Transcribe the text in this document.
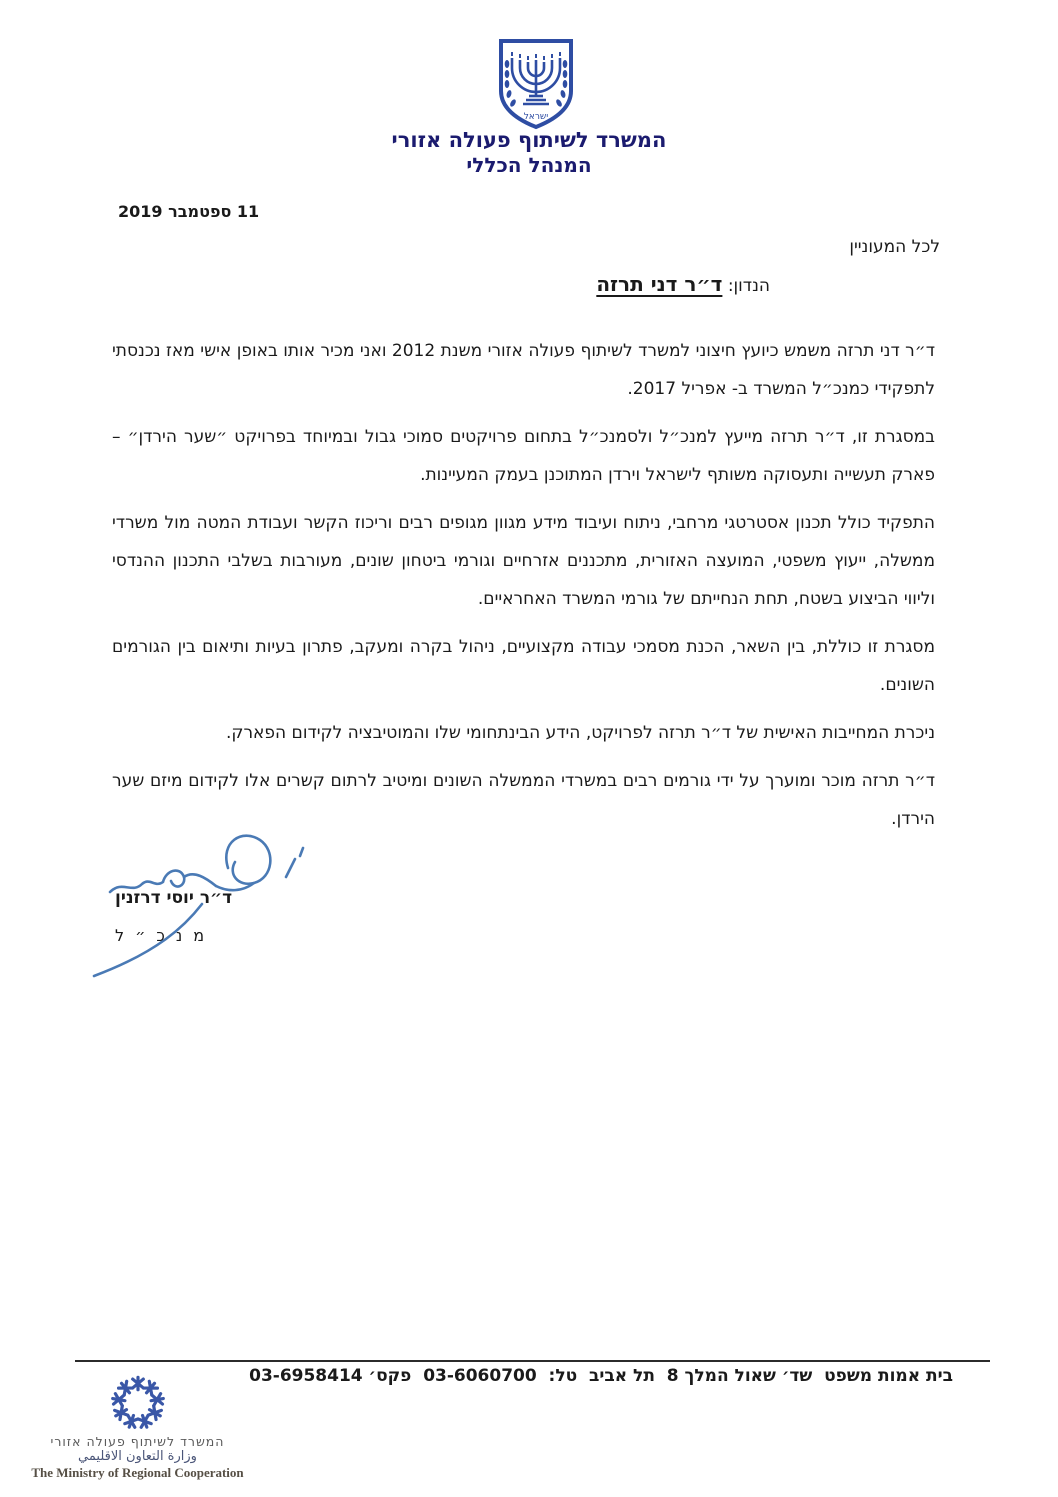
ישראל
המשרד לשיתוף פעולה אזורי
המנהל הכללי
11 ספטמבר 2019
לכל המעוניין
הנדון: ד״ר דני תרזה

ד״ר דני תרזה משמש כיועץ חיצוני למשרד לשיתוף פעולה אזורי משנת 2012 ואני מכיר אותו באופן אישי מאז נכנסתי לתפקידי כמנכ״ל המשרד ב- אפריל 2017.

במסגרת זו, ד״ר תרזה מייעץ למנכ״ל ולסמנכ״ל בתחום פרויקטים סמוכי גבול ובמיוחד בפרויקט ״שער הירדן״ – פארק תעשייה ותעסוקה משותף לישראל וירדן המתוכנן בעמק המעיינות.

התפקיד כולל תכנון אסטרטגי מרחבי, ניתוח ועיבוד מידע מגוון מגופים רבים וריכוז הקשר ועבודת המטה מול משרדי ממשלה, ייעוץ משפטי, המועצה האזורית, מתכננים אזרחיים וגורמי ביטחון שונים, מעורבות בשלבי התכנון ההנדסי וליווי הביצוע בשטח, תחת הנחייתם של גורמי המשרד האחראיים.

מסגרת זו כוללת, בין השאר, הכנת מסמכי עבודה מקצועיים, ניהול בקרה ומעקב, פתרון בעיות ותיאום בין הגורמים השונים.

ניכרת המחייבות האישית של ד״ר תרזה לפרויקט, הידע הבינתחומי שלו והמוטיבציה לקידום הפארק.

ד״ר תרזה מוכר ומוערך על ידי גורמים רבים במשרדי הממשלה השונים ומיטיב לרתום קשרים אלו לקידום מיזם שער הירדן.

ד״ר יוסי דרזנין
מנכ״ל
בית אמות משפט  שד׳ שאול המלך 8  תל אביב  טל:  03-6060700  פקס׳ 03-6958414
המשרד לשיתוף פעולה אזורי
وزارة التعاون الاقليمي
The Ministry of Regional Cooperation
